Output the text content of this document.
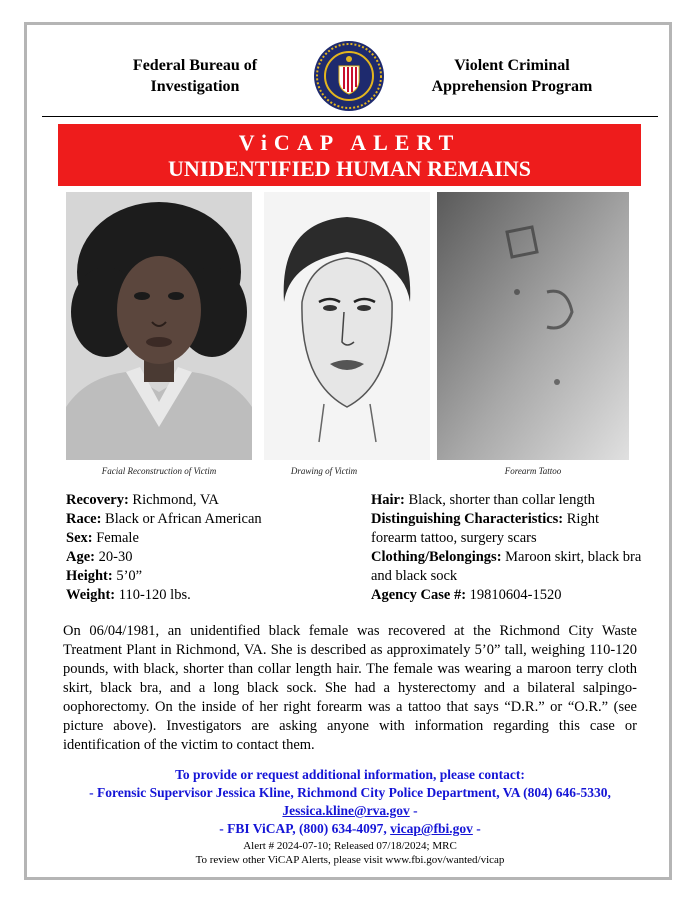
Federal Bureau of
Investigation
Violent Criminal
Apprehension Program
ViCAP ALERT
UNIDENTIFIED HUMAN REMAINS
Facial Reconstruction of Victim	Drawing of Victim	Forearm Tattoo
Recovery: Richmond, VA
Race: Black or African American
Sex: Female
Age: 20-30
Height: 5’0”
Weight: 110-120 lbs.
Hair: Black, shorter than collar length
Distinguishing Characteristics: Right forearm tattoo, surgery scars
Clothing/Belongings: Maroon skirt, black bra and black sock
Agency Case #: 19810604-1520
On 06/04/1981, an unidentified black female was recovered at the Richmond City Waste Treatment Plant in Richmond, VA. She is described as approximately 5’0” tall, weighing 110-120 pounds, with black, shorter than collar length hair. The female was wearing a maroon terry cloth skirt, black bra, and a long black sock. She had a hysterectomy and a bilateral salpingo-oophorectomy. On the inside of her right forearm was a tattoo that says “D.R.” or “O.R.” (see picture above). Investigators are asking anyone with information regarding this case or identification of the victim to contact them.
To provide or request additional information, please contact:
- Forensic Supervisor Jessica Kline, Richmond City Police Department, VA (804) 646-5330,
Jessica.kline@rva.gov -
- FBI ViCAP, (800) 634-4097, vicap@fbi.gov -
Alert # 2024-07-10; Released 07/18/2024; MRC
To review other ViCAP Alerts, please visit www.fbi.gov/wanted/vicap
